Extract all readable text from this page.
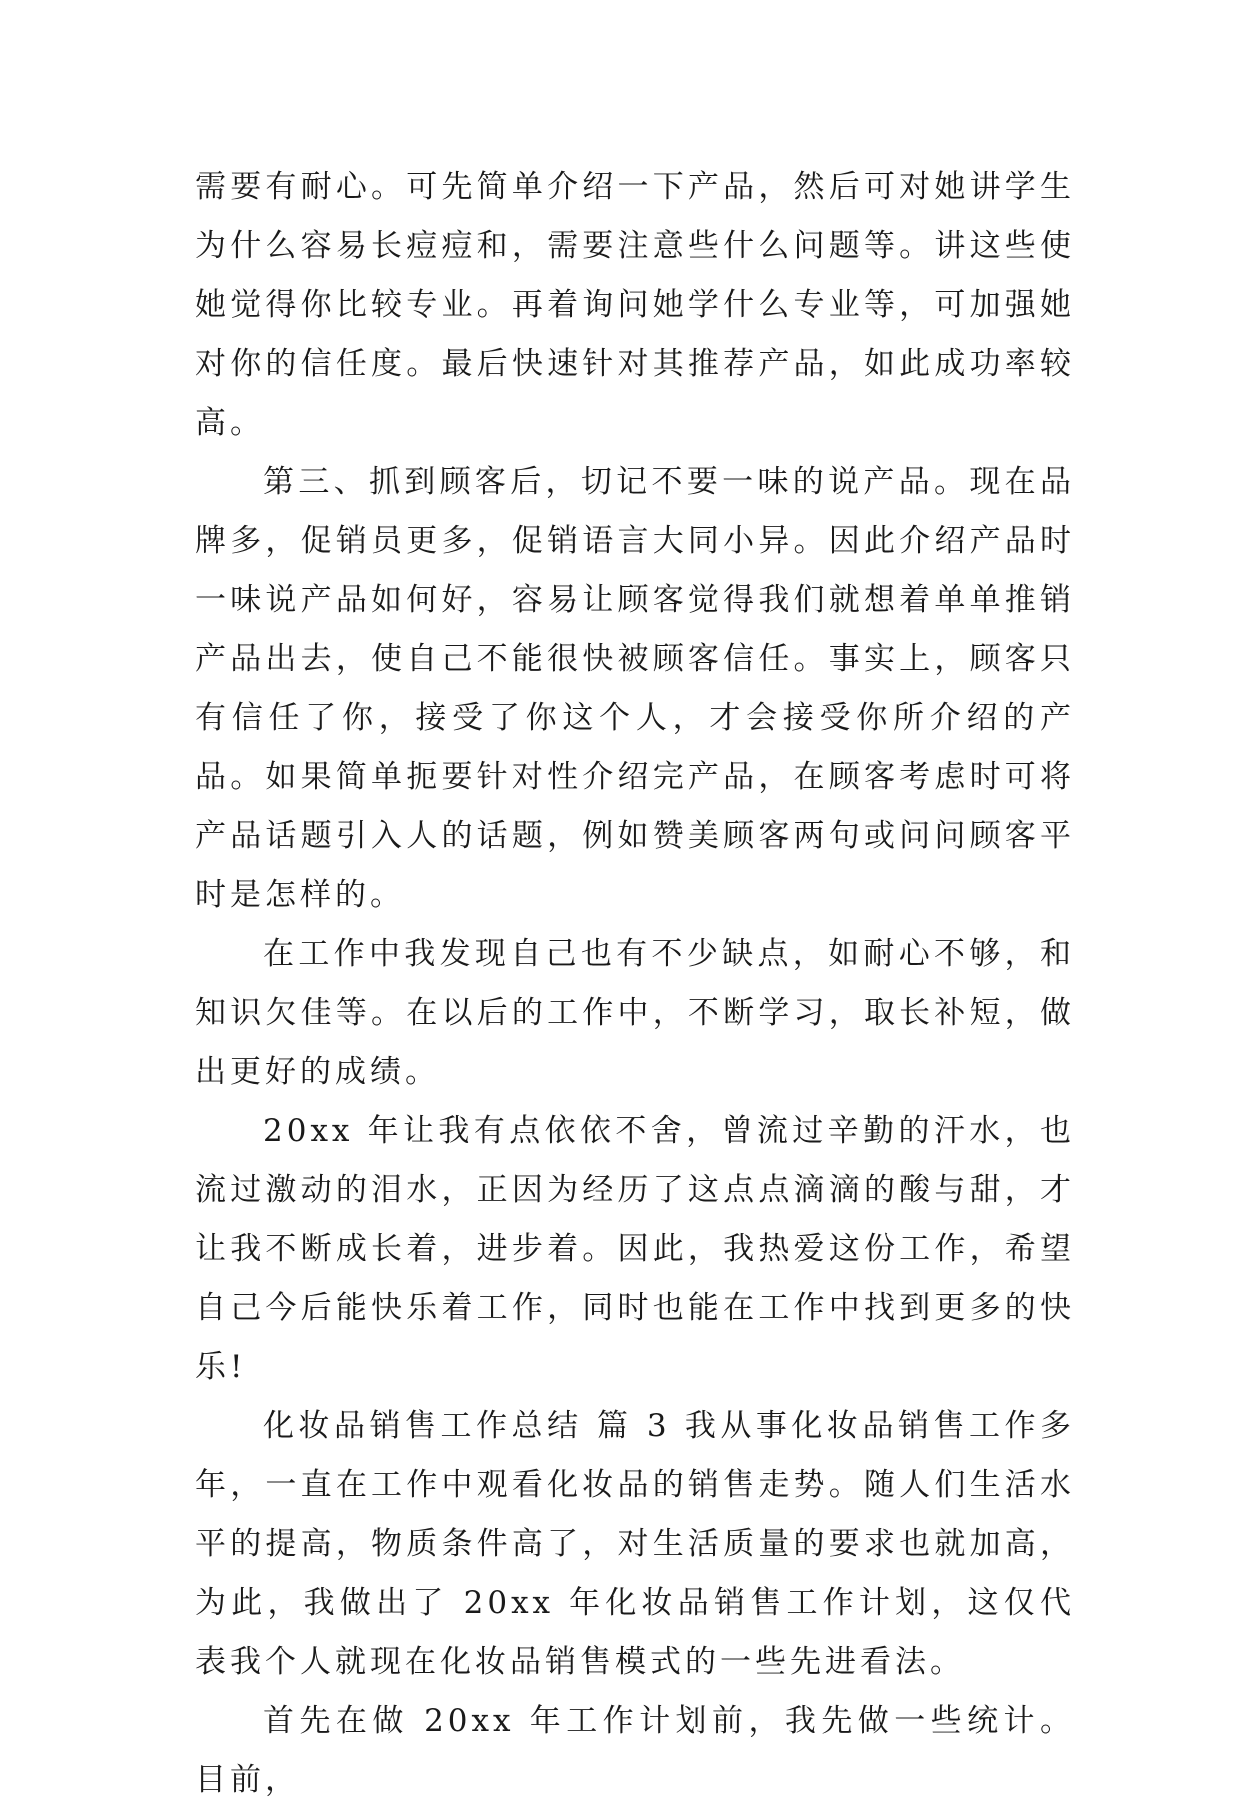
需要有耐心。可先简单介绍一下产品，然后可对她讲学生为什么容易长痘痘和，需要注意些什么问题等。讲这些使她觉得你比较专业。再着询问她学什么专业等，可加强她对你的信任度。最后快速针对其推荐产品，如此成功率较高。

第三、抓到顾客后，切记不要一味的说产品。现在品牌多，促销员更多，促销语言大同小异。因此介绍产品时一味说产品如何好，容易让顾客觉得我们就想着单单推销产品出去，使自己不能很快被顾客信任。事实上，顾客只有信任了你，接受了你这个人，才会接受你所介绍的产品。如果简单扼要针对性介绍完产品，在顾客考虑时可将产品话题引入人的话题，例如赞美顾客两句或问问顾客平时是怎样的。

在工作中我发现自己也有不少缺点，如耐心不够，和知识欠佳等。在以后的工作中，不断学习，取长补短，做出更好的成绩。

20xx 年让我有点依依不舍，曾流过辛勤的汗水，也流过激动的泪水，正因为经历了这点点滴滴的酸与甜，才让我不断成长着，进步着。因此，我热爱这份工作，希望自己今后能快乐着工作，同时也能在工作中找到更多的快乐!

化妆品销售工作总结 篇 3 我从事化妆品销售工作多年，一直在工作中观看化妆品的销售走势。随人们生活水平的提高，物质条件高了，对生活质量的要求也就加高，为此，我做出了 20xx 年化妆品销售工作计划，这仅代表我个人就现在化妆品销售模式的一些先进看法。

首先在做 20xx 年工作计划前，我先做一些统计。目前，
